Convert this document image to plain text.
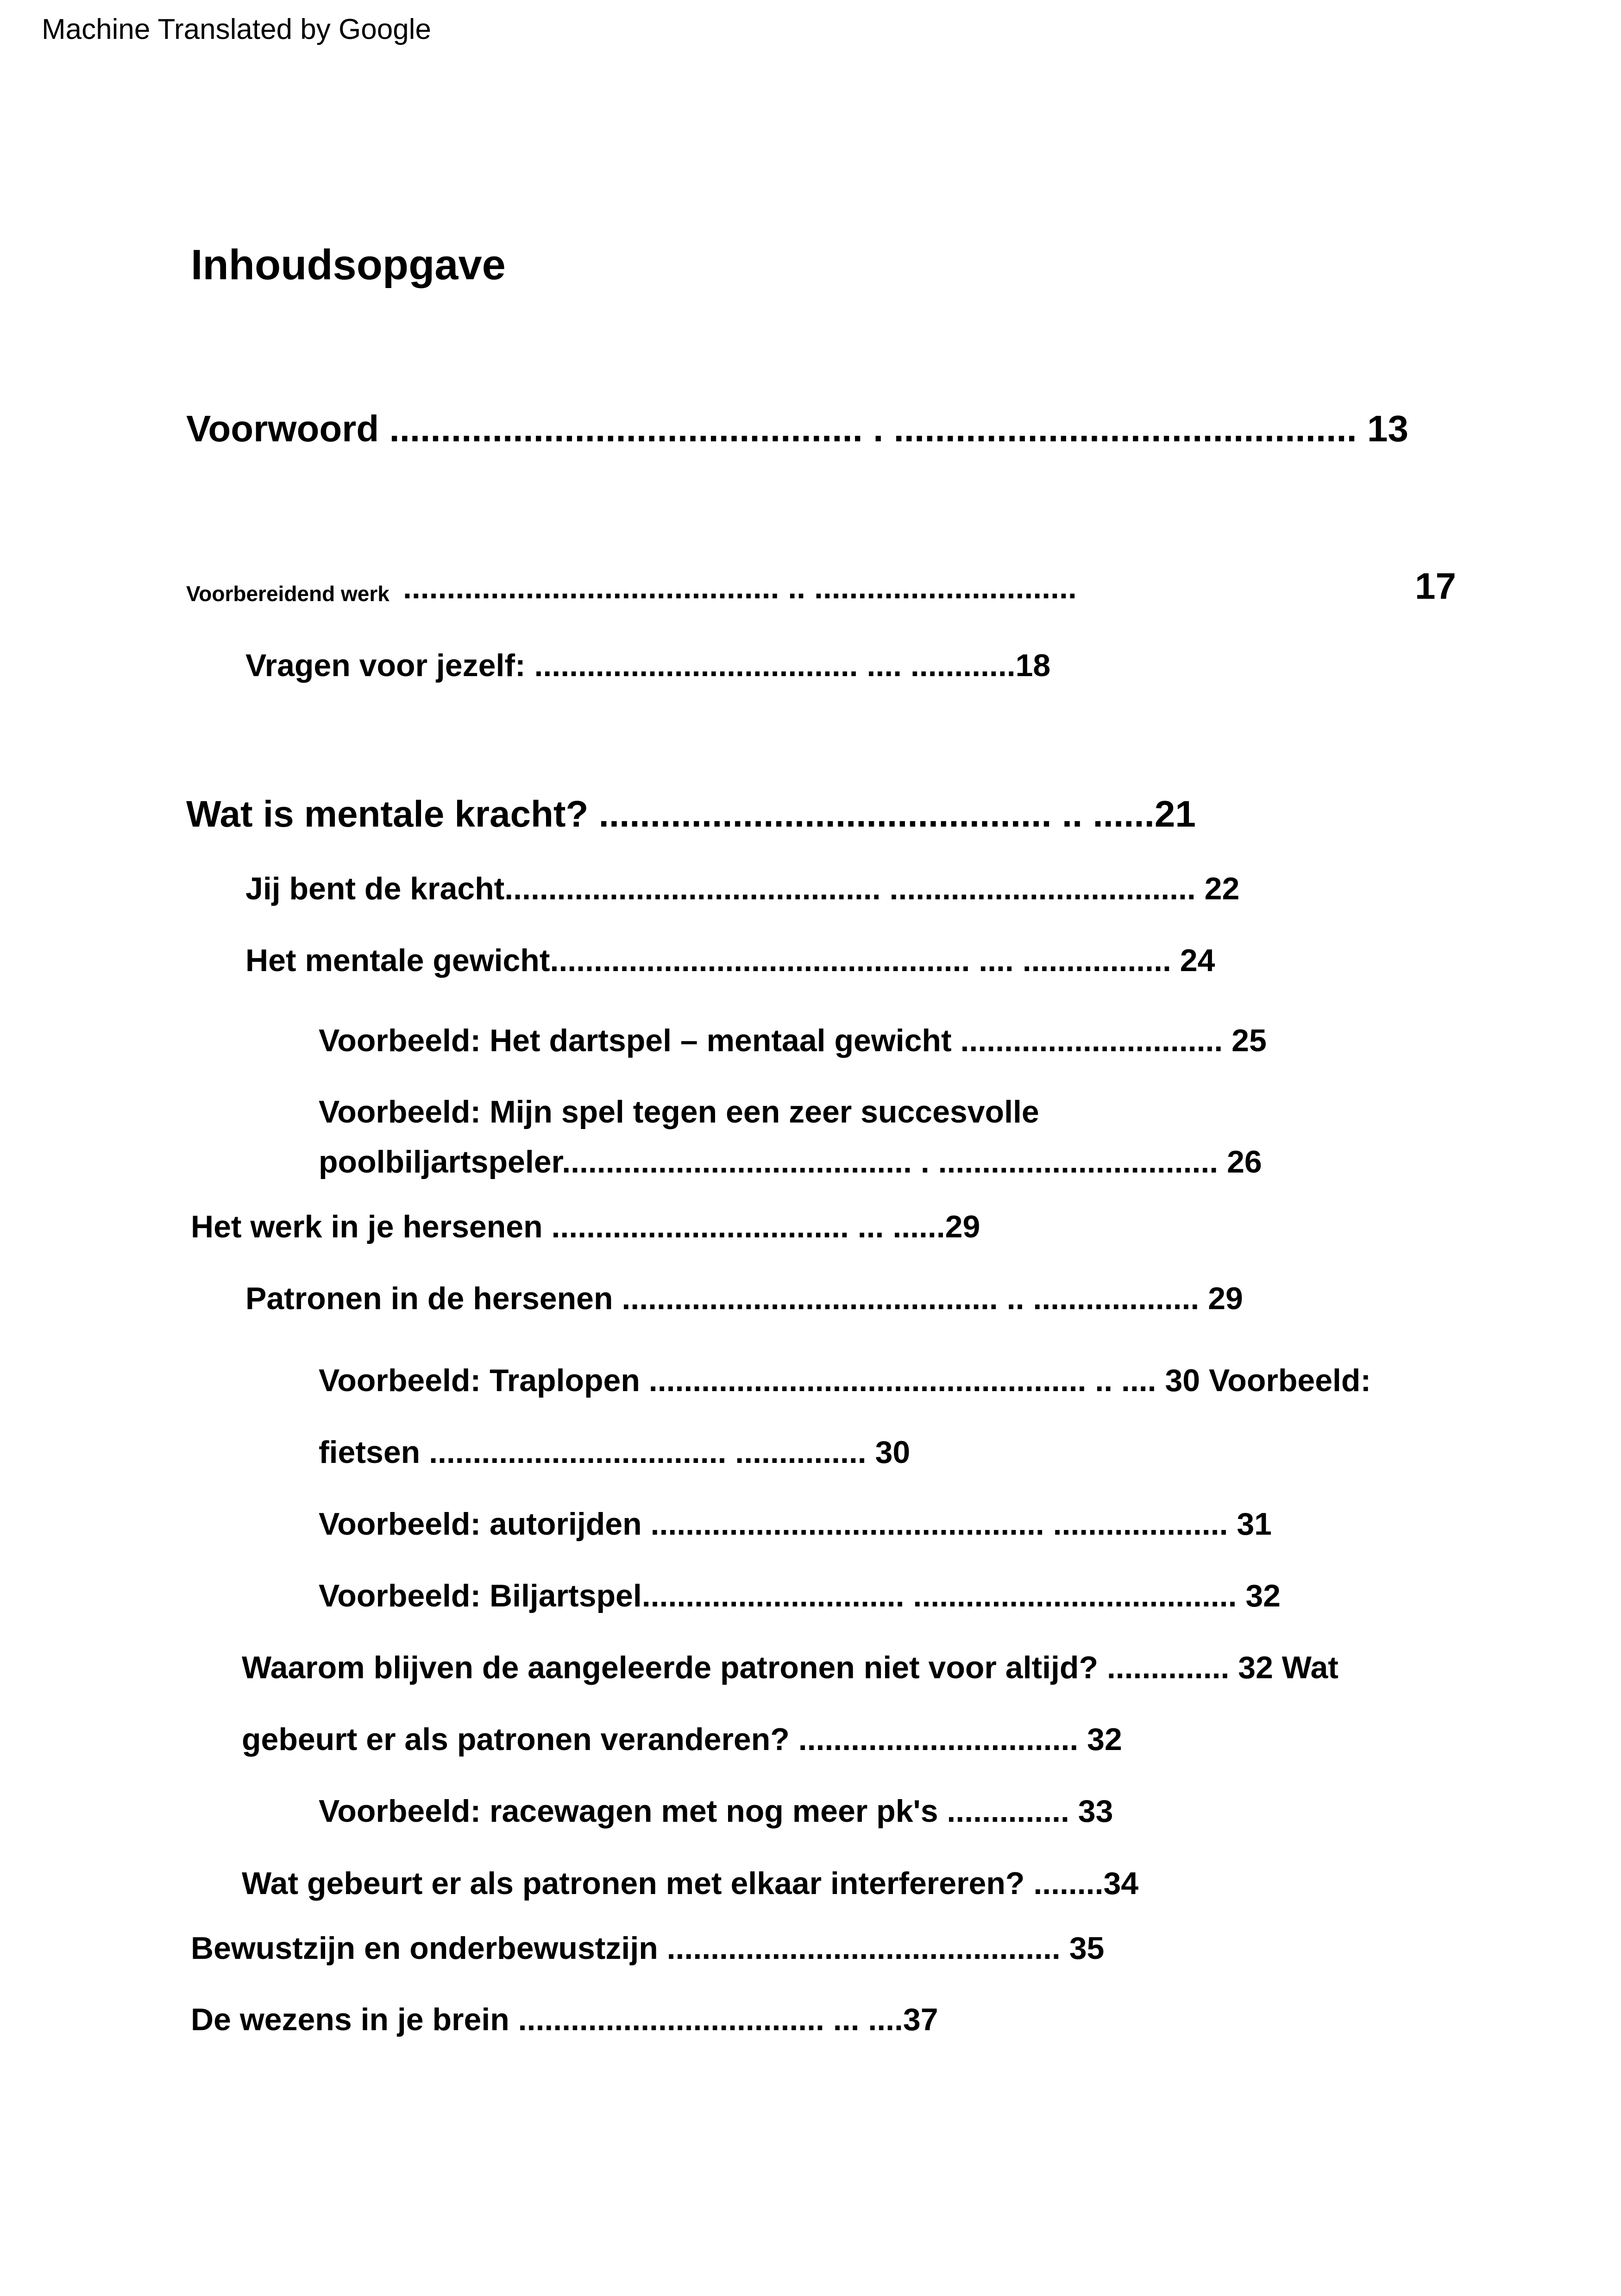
Machine Translated by Google
Inhoudsopgave
Voorwoord .............................................. . ............................................. 13
Voorbereidend werk ........................................... .. ..............................	17
Vragen voor jezelf: ..................................... .... ............18
Wat is mentale kracht? ............................................ .. ......21
Jij bent de kracht........................................... ................................... 22
Het mentale gewicht................................................ .... ................. 24
Voorbeeld: Het dartspel – mentaal gewicht .............................. 25
Voorbeeld: Mijn spel tegen een zeer succesvolle
poolbiljartspeler........................................ . ................................ 26
Het werk in je hersenen .................................. ... ......29
Patronen in de hersenen ........................................... .. ................... 29
Voorbeeld: Traplopen .................................................. .. .... 30 Voorbeeld:
fietsen .................................. ............... 30
Voorbeeld: autorijden ............................................. .................... 31
Voorbeeld: Biljartspel.............................. ..................................... 32
Waarom blijven de aangeleerde patronen niet voor altijd? .............. 32 Wat
gebeurt er als patronen veranderen? ................................ 32
Voorbeeld: racewagen met nog meer pk's .............. 33
Wat gebeurt er als patronen met elkaar interfereren? ........34
Bewustzijn en onderbewustzijn ............................................. 35
De wezens in je brein ................................... ... ....37
